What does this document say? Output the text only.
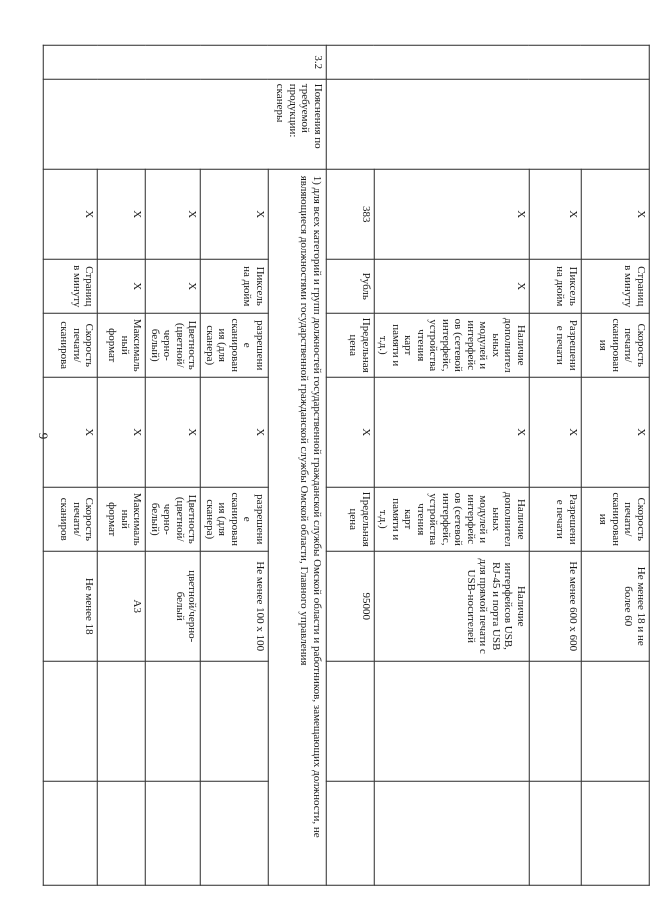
9
		X	Страниц в минуту	Скорость печати/сканирования	X	Скорость печати/сканирования	Не менее 18 и не более 60		
		X	Пиксель на дюйм	Разрешение печати	X	Разрешение печати	Не менее 600 х 600		
		X	X	Наличие дополнительных модулей и интерфейсов (сетевой интерфейс, устройства чтения карт памяти и т.д.)	X	Наличие дополнительных модулей и интерфейсов (сетевой интерфейс, устройства чтения карт памяти и т.д.)	Наличие интерфейсов USB, RJ-45 и порта USB для прямой печати с USB-носителей		
		383	Рубль	Предельная цена	X	Предельная цена	95000		
3.2	Пояснения по требуемой продукции: сканеры	1) для всех категорий и групп должностей государственной гражданской службы Омской области и работников, замещающих должности, не являющиеся должностями государственной гражданской службы Омской области, Главного управления							
		X	Пиксель на дюйм	разрешение сканирования (для сканера)	X	разрешение сканирования (для сканера)	Не менее 100 х 100		
		X	X	Цветность (цветной/черно-белый)	X	Цветность (цветной/черно-белый)	цветной/черно-белый		
		X	X	Максимальный формат	X	Максимальный формат	А3		
		X	Страниц в минуту	Скорость печати/сканирова	X	Скорость печати/сканиров	Не менее 18		
